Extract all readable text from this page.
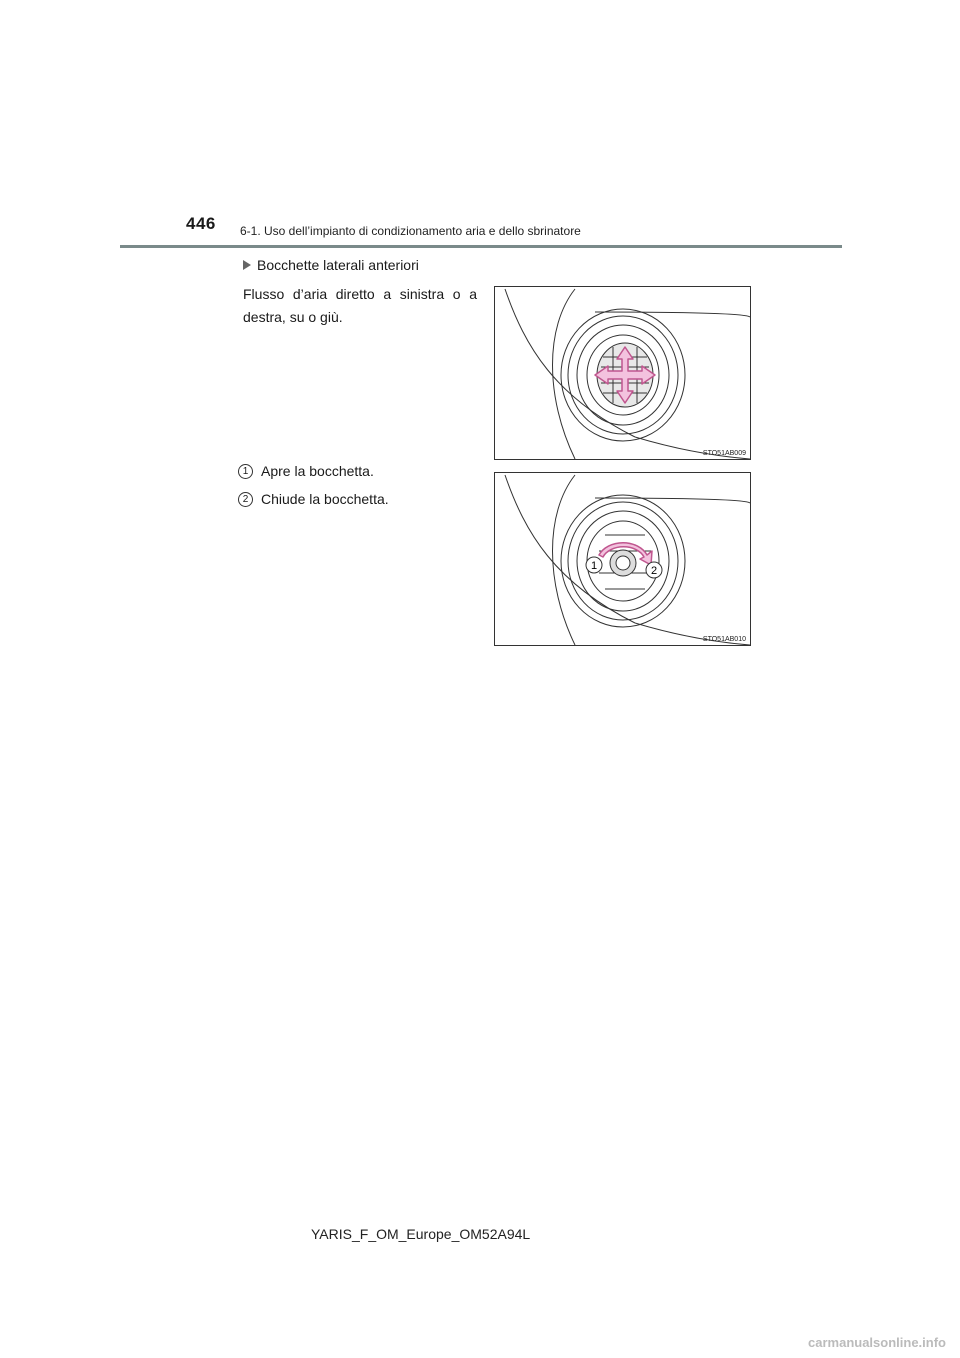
446 6-1. Uso dell’impianto di condizionamento aria e dello sbrinatore
Bocchette laterali anteriori
Flusso d’aria diretto a sinistra o a destra, su o giù.
STO51AB009
1	2
STO51AB010
1 Apre la bocchetta.
2 Chiude la bocchetta.
YARIS_F_OM_Europe_OM52A94L
carmanualsonline.info
